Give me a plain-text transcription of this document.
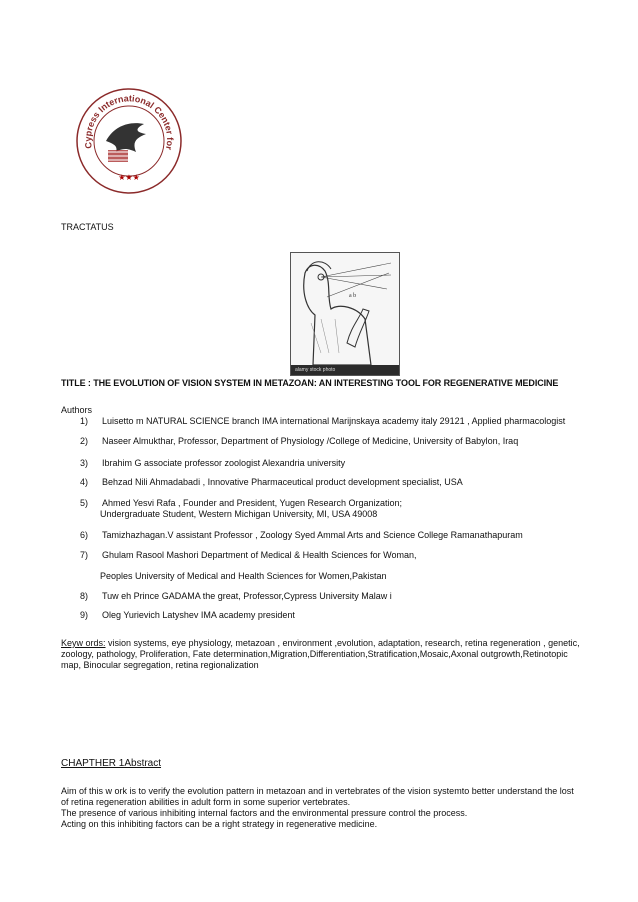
Cypress International Center for
★★★
TRACTATUS
a b
alamy stock photo
TITLE : THE EVOLUTION OF VISION SYSTEM IN METAZOAN: AN INTERESTING TOOL FOR REGENERATIVE MEDICINE
Authors
1) Luisetto m NATURAL SCIENCE branch IMA international Marijnskaya academy italy 29121 , Applied pharmacologist
2) Naseer Almukthar, Professor, Department of Physiology /College of Medicine, University of Babylon, Iraq
3) Ibrahim G associate professor zoologist Alexandria university
4) Behzad Nili Ahmadabadi , Innovative Pharmaceutical product development specialist, USA
5) Ahmed Yesvi Rafa , Founder and President, Yugen Research Organization;
Undergraduate Student, Western Michigan University, MI, USA 49008
6) Tamizhazhagan.V assistant Professor , Zoology Syed Ammal Arts and Science College Ramanathapuram
7) Ghulam Rasool Mashori Department of Medical & Health Sciences for Woman,
Peoples University of Medical and Health Sciences for Women,Pakistan
8) Tuw eh Prince GADAMA the great, Professor,Cypress University Malaw i
9) Oleg Yurievich Latyshev IMA academy president
Keyw ords: vision systems, eye physiology, metazoan , environment ,evolution, adaptation, research, retina regeneration , genetic, zoology, pathology, Proliferation, Fate determination,Migration,Differentiation,Stratification,Mosaic,Axonal outgrowth,Retinotopic map, Binocular segregation, retina regionalization
CHAPTHER 1Abstract
Aim of this w ork is to verify the evolution pattern in metazoan and in vertebrates of the vision systemto better understand the lost of retina regeneration abilities in adult form in some superior vertebrates.
The presence of various inhibiting internal factors and the environmental pressure control the process.
Acting on this inhibiting factors can be a right strategy in regenerative medicine.
